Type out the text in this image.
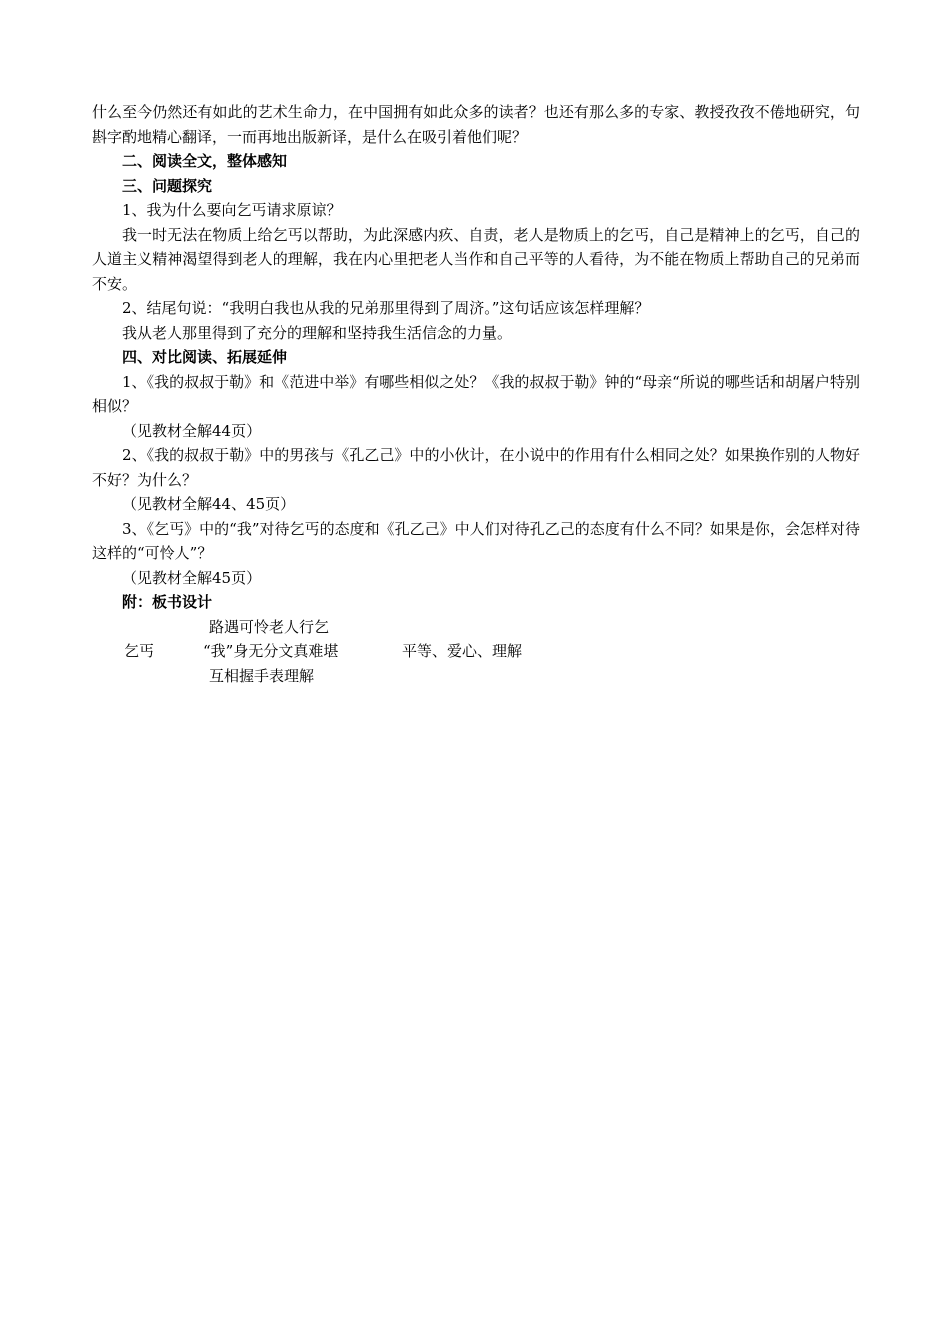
什么至今仍然还有如此的艺术生命力，在中国拥有如此众多的读者？也还有那么多的专家、教授孜孜不倦地研究，句斟字酌地精心翻译，一而再地出版新译，是什么在吸引着他们呢？

二、阅读全文，整体感知
三、问题探究
1、我为什么要向乞丐请求原谅？

我一时无法在物质上给乞丐以帮助，为此深感内疚、自责，老人是物质上的乞丐，自己是精神上的乞丐，自己的人道主义精神渴望得到老人的理解，我在内心里把老人当作和自己平等的人看待，为不能在物质上帮助自己的兄弟而不安。

2、结尾句说：“我明白我也从我的兄弟那里得到了周济。”这句话应该怎样理解？
我从老人那里得到了充分的理解和坚持我生活信念的力量。
四、对比阅读、拓展延伸

1、《我的叔叔于勒》和《范进中举》有哪些相似之处？《我的叔叔于勒》钟的“母亲“所说的哪些话和胡屠户特别相似？

（见教材全解44页）

2、《我的叔叔于勒》中的男孩与《孔乙己》中的小伙计，在小说中的作用有什么相同之处？如果换作别的人物好不好？为什么？

（见教材全解44、45页）

3、《乞丐》中的“我”对待乞丐的态度和《孔乙己》中人们对待孔乙己的态度有什么不同？如果是你，会怎样对待这样的“可怜人”？

（见教材全解45页）
附：板书设计
路遇可怜老人行乞
乞丐	“我”身无分文真难堪	平等、爱心、理解
互相握手表理解
